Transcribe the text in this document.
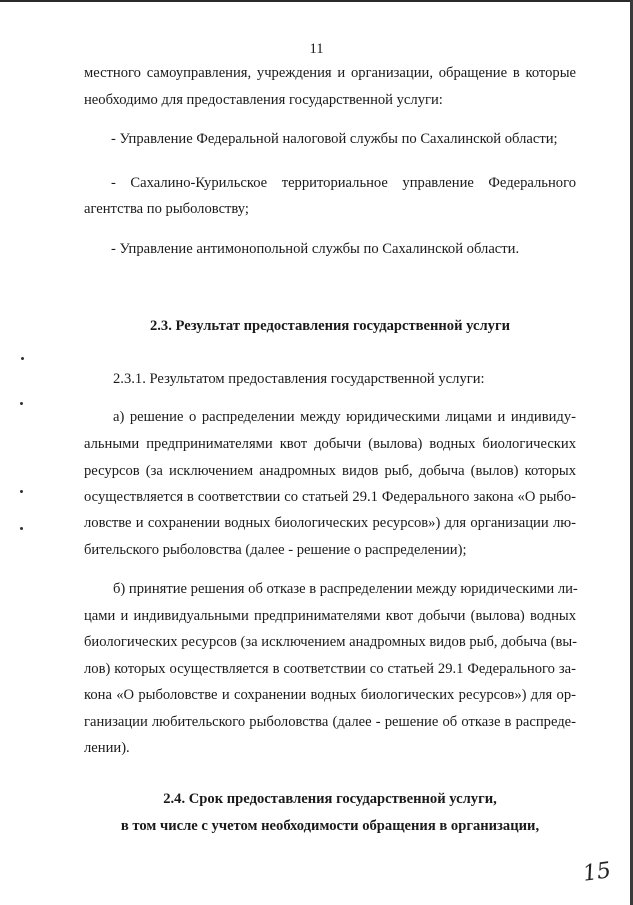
11

местного самоуправления, учреждения и организации, обращение в которые

необходимо для предоставления государственной услуги:

- Управление Федеральной налоговой службы по Сахалинской области;

- Сахалино-Курильское территориальное управление Федерального

агентства по рыболовству;

- Управление антимонопольной службы по Сахалинской области.

2.3. Результат предоставления государственной услуги

2.3.1. Результатом предоставления государственной услуги:

а) решение о распределении между юридическими лицами и индивиду-

альными предпринимателями квот добычи (вылова) водных биологических

ресурсов (за исключением анадромных видов рыб, добыча (вылов) которых

осуществляется в соответствии со статьей 29.1 Федерального закона «О рыбо-

ловстве и сохранении водных биологических ресурсов») для организации лю-

бительского рыболовства (далее - решение о распределении);

б) принятие решения об отказе в распределении между юридическими ли-

цами и индивидуальными предпринимателями квот добычи (вылова) водных

биологических ресурсов (за исключением анадромных видов рыб, добыча (вы-

лов) которых осуществляется в соответствии со статьей 29.1 Федерального за-

кона «О рыболовстве и сохранении водных биологических ресурсов») для ор-

ганизации любительского рыболовства (далее - решение об отказе в распреде-

лении).

2.4. Срок предоставления государственной услуги,

в том числе с учетом необходимости обращения в организации,

15
